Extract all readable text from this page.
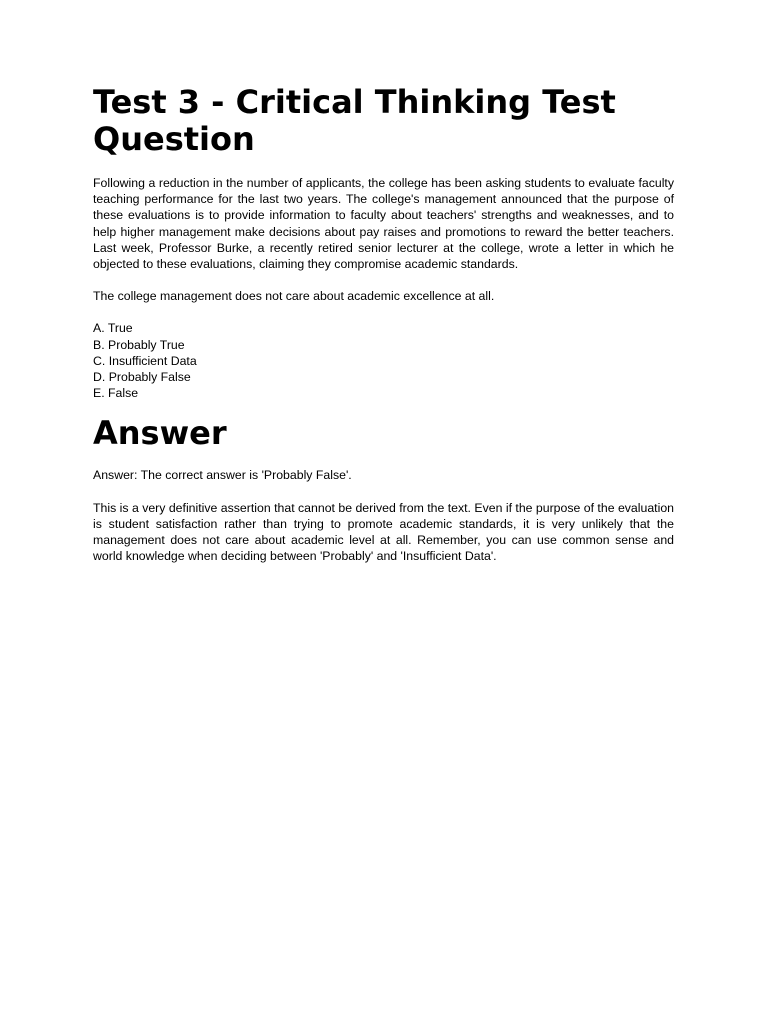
Test 3 - Critical Thinking Test Question

Following a reduction in the number of applicants, the college has been asking students to evaluate faculty teaching performance for the last two years. The college's management announced that the purpose of these evaluations is to provide information to faculty about teachers' strengths and weaknesses, and to help higher management make decisions about pay raises and promotions to reward the better teachers. Last week, Professor Burke, a recently retired senior lecturer at the college, wrote a letter in which he objected to these evaluations, claiming they compromise academic standards.

The college management does not care about academic excellence at all.

A. True
B. Probably True
C. Insufficient Data
D. Probably False
E. False
Answer

Answer: The correct answer is 'Probably False'.

This is a very definitive assertion that cannot be derived from the text. Even if the purpose of the evaluation is student satisfaction rather than trying to promote academic standards, it is very unlikely that the management does not care about academic level at all. Remember, you can use common sense and world knowledge when deciding between 'Probably' and 'Insufficient Data'.
